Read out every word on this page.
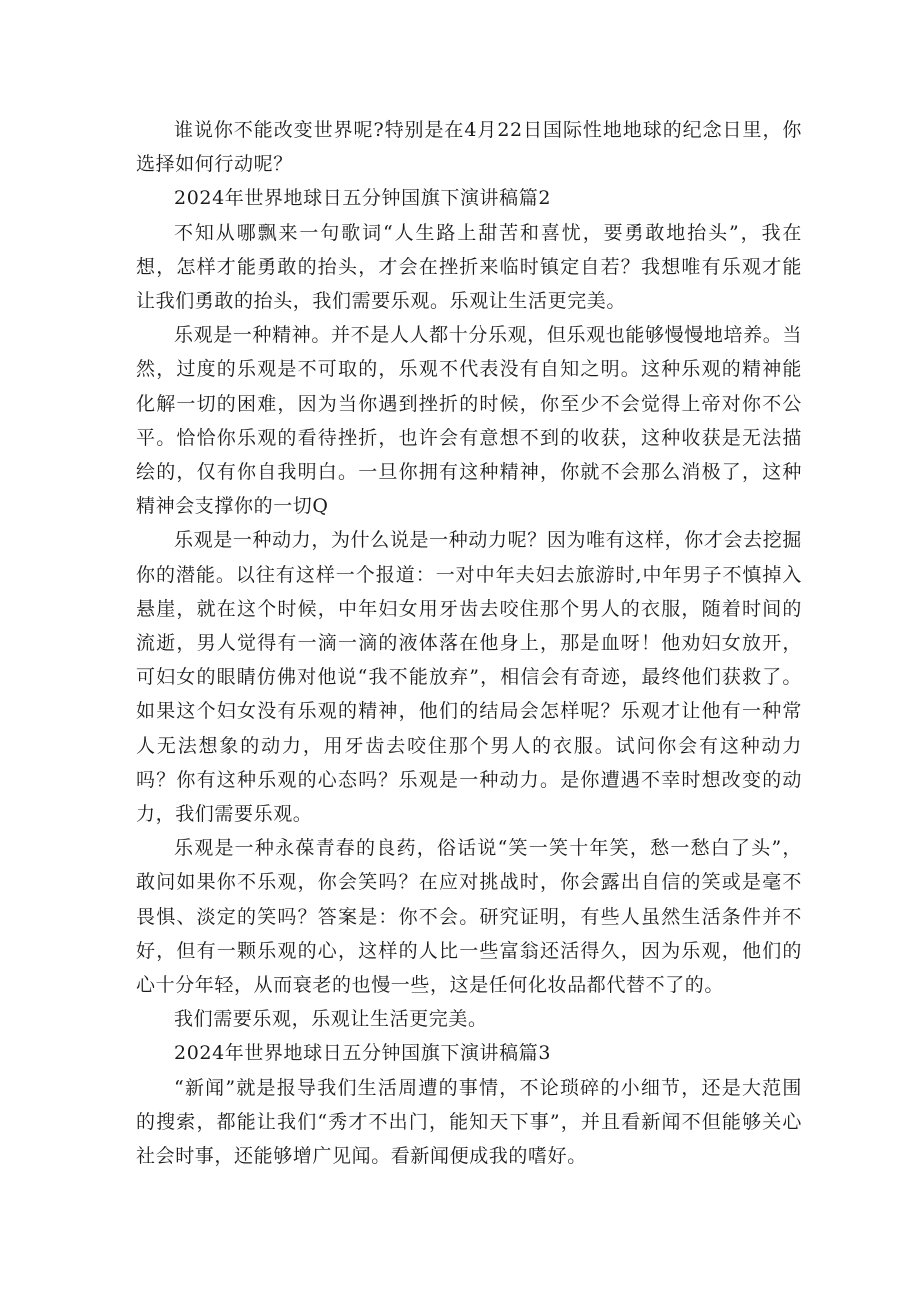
谁说你不能改变世界呢?特别是在4月22日国际性地地球的纪念日里，你选择如何行动呢？

2024年世界地球日五分钟国旗下演讲稿篇2

不知从哪飘来一句歌词“人生路上甜苦和喜忧，要勇敢地抬头”，我在想，怎样才能勇敢的抬头，才会在挫折来临时镇定自若？我想唯有乐观才能让我们勇敢的抬头，我们需要乐观。乐观让生活更完美。

乐观是一种精神。并不是人人都十分乐观，但乐观也能够慢慢地培养。当然，过度的乐观是不可取的，乐观不代表没有自知之明。这种乐观的精神能化解一切的困难，因为当你遇到挫折的时候，你至少不会觉得上帝对你不公平。恰恰你乐观的看待挫折，也许会有意想不到的收获，这种收获是无法描绘的，仅有你自我明白。一旦你拥有这种精神，你就不会那么消极了，这种精神会支撑你的一切Q

乐观是一种动力，为什么说是一种动力呢？因为唯有这样，你才会去挖掘你的潜能。以往有这样一个报道：一对中年夫妇去旅游时,中年男子不慎掉入悬崖，就在这个时候，中年妇女用牙齿去咬住那个男人的衣服，随着时间的流逝，男人觉得有一滴一滴的液体落在他身上，那是血呀！他劝妇女放开，可妇女的眼睛仿佛对他说“我不能放弃”，相信会有奇迹，最终他们获救了。如果这个妇女没有乐观的精神，他们的结局会怎样呢？乐观才让他有一种常人无法想象的动力，用牙齿去咬住那个男人的衣服。试问你会有这种动力吗？你有这种乐观的心态吗？乐观是一种动力。是你遭遇不幸时想改变的动力，我们需要乐观。

乐观是一种永葆青春的良药，俗话说“笑一笑十年笑，愁一愁白了头”，敢问如果你不乐观，你会笑吗？在应对挑战时，你会露出自信的笑或是毫不畏惧、淡定的笑吗？答案是：你不会。研究证明，有些人虽然生活条件并不好，但有一颗乐观的心，这样的人比一些富翁还活得久，因为乐观，他们的心十分年轻，从而衰老的也慢一些，这是任何化妆品都代替不了的。

我们需要乐观，乐观让生活更完美。

2024年世界地球日五分钟国旗下演讲稿篇3

“新闻”就是报导我们生活周遭的事情，不论琐碎的小细节，还是大范围的搜索，都能让我们“秀才不出门，能知天下事”，并且看新闻不但能够关心社会时事，还能够增广见闻。看新闻便成我的嗜好。
